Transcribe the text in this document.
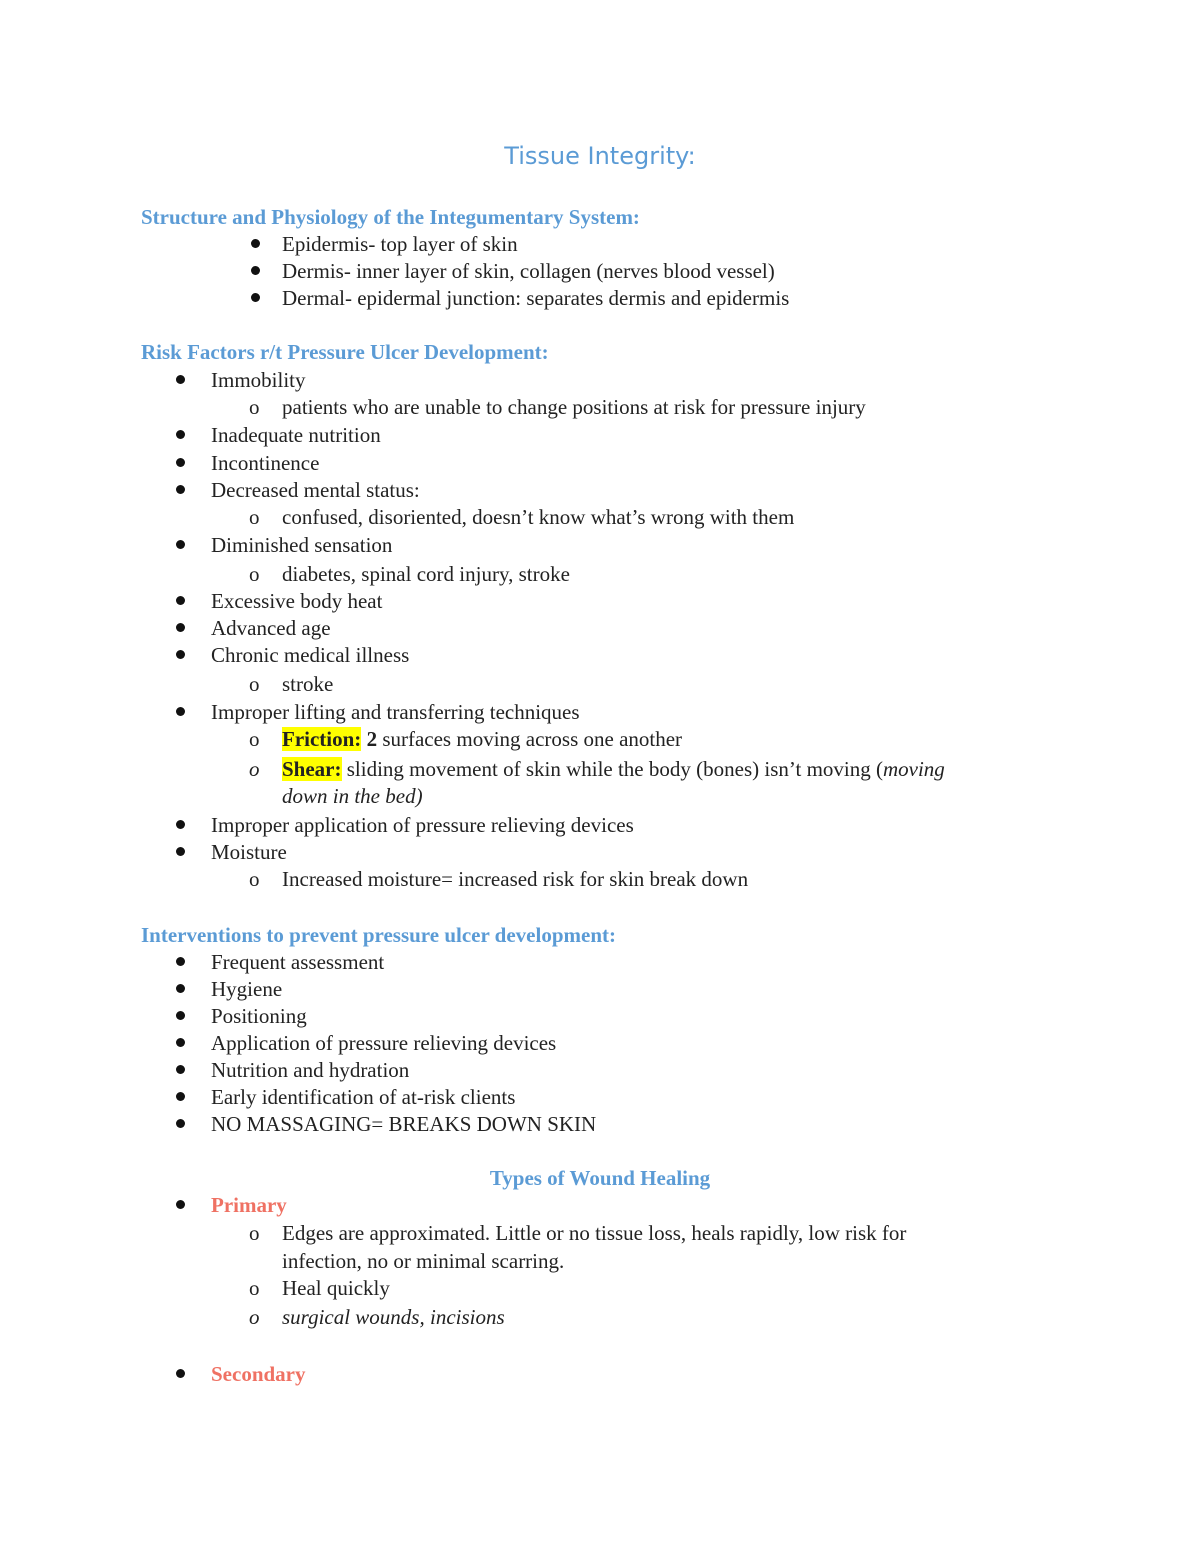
Tissue Integrity:
Structure and Physiology of the Integumentary System:
Epidermis- top layer of skin
Dermis- inner layer of skin, collagen (nerves blood vessel)
Dermal- epidermal junction: separates dermis and epidermis
Risk Factors r/t Pressure Ulcer Development:
Immobility
o patients who are unable to change positions at risk for pressure injury
Inadequate nutrition
Incontinence
Decreased mental status:
o confused, disoriented, doesn’t know what’s wrong with them
Diminished sensation
o diabetes, spinal cord injury, stroke
Excessive body heat
Advanced age
Chronic medical illness
o stroke
Improper lifting and transferring techniques
o Friction: 2 surfaces moving across one another
o Shear: sliding movement of skin while the body (bones) isn’t moving (moving
down in the bed)
Improper application of pressure relieving devices
Moisture
o Increased moisture= increased risk for skin break down
Interventions to prevent pressure ulcer development:
Frequent assessment
Hygiene
Positioning
Application of pressure relieving devices
Nutrition and hydration
Early identification of at-risk clients
NO MASSAGING= BREAKS DOWN SKIN
Types of Wound Healing
Primary
o Edges are approximated. Little or no tissue loss, heals rapidly, low risk for
infection, no or minimal scarring.
o Heal quickly
o surgical wounds, incisions
Secondary
